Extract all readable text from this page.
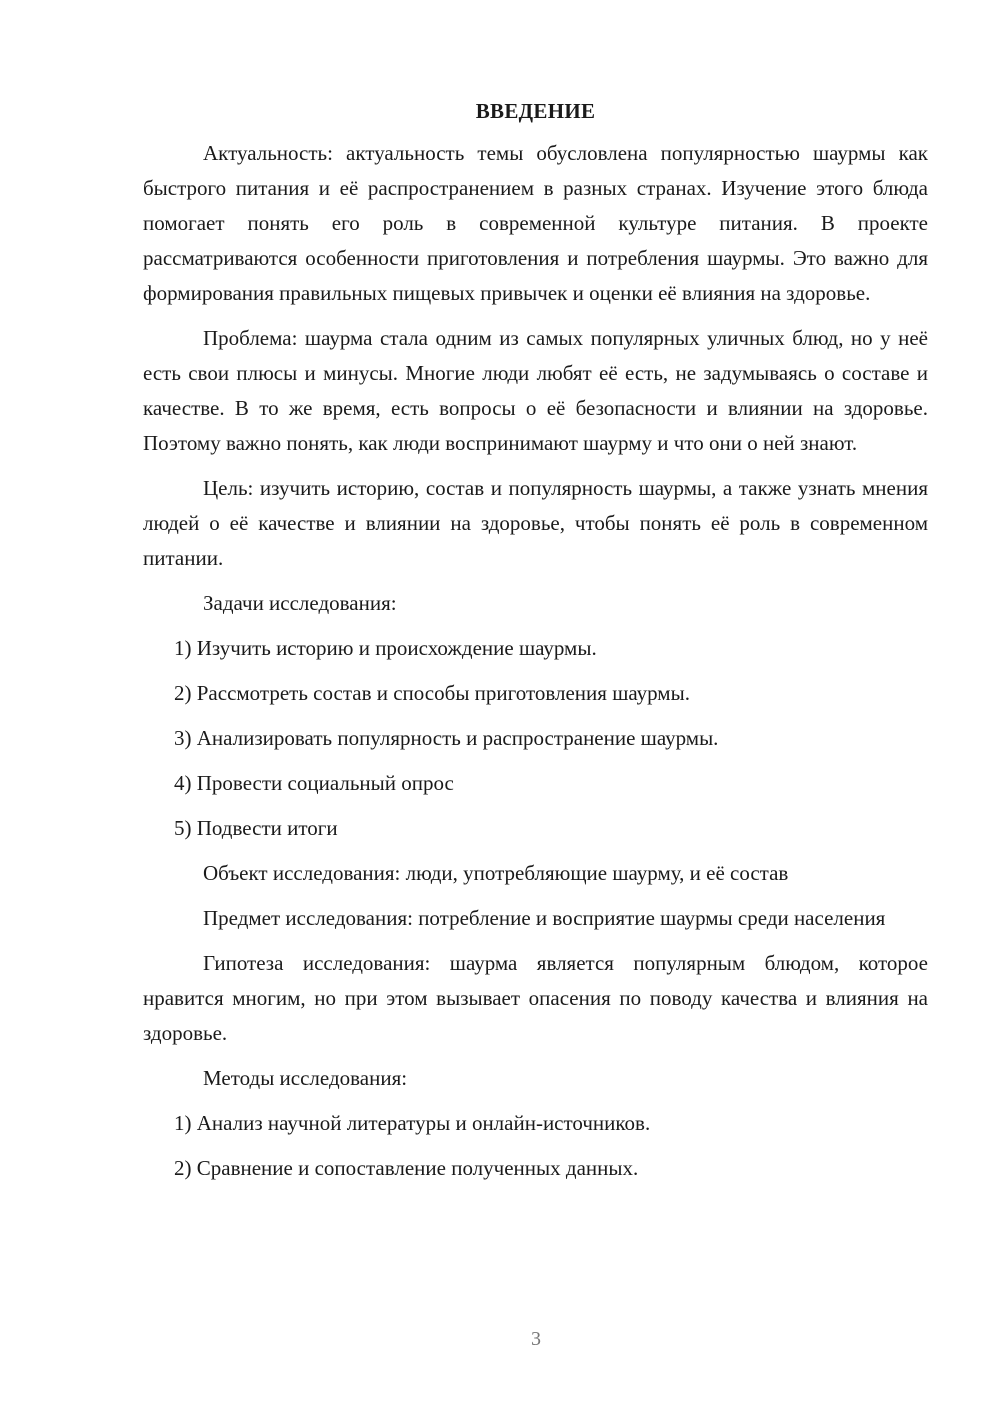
ВВЕДЕНИЕ

Актуальность: актуальность темы обусловлена популярностью шаурмы как быстрого питания и её распространением в разных странах. Изучение этого блюда помогает понять его роль в современной культуре питания. В проекте рассматриваются особенности приготовления и потребления шаурмы. Это важно для формирования правильных пищевых привычек и оценки её влияния на здоровье.

Проблема: шаурма стала одним из самых популярных уличных блюд, но у неё есть свои плюсы и минусы. Многие люди любят её есть, не задумываясь о составе и качестве. В то же время, есть вопросы о её безопасности и влиянии на здоровье. Поэтому важно понять, как люди воспринимают шаурму и что они о ней знают.

Цель: изучить историю, состав и популярность шаурмы, а также узнать мнения людей о её качестве и влиянии на здоровье, чтобы понять её роль в современном питании.

Задачи исследования:
1) Изучить историю и происхождение шаурмы.
2) Рассмотреть состав и способы приготовления шаурмы.
3) Анализировать популярность и распространение шаурмы.
4) Провести социальный опрос
5) Подвести итоги
Объект исследования: люди, употребляющие шаурму, и её состав

Предмет исследования: потребление и восприятие шаурмы среди населения

Гипотеза исследования: шаурма является популярным блюдом, которое нравится многим, но при этом вызывает опасения по поводу качества и влияния на здоровье.

Методы исследования:
1) Анализ научной литературы и онлайн-источников.
2) Сравнение и сопоставление полученных данных.
3
